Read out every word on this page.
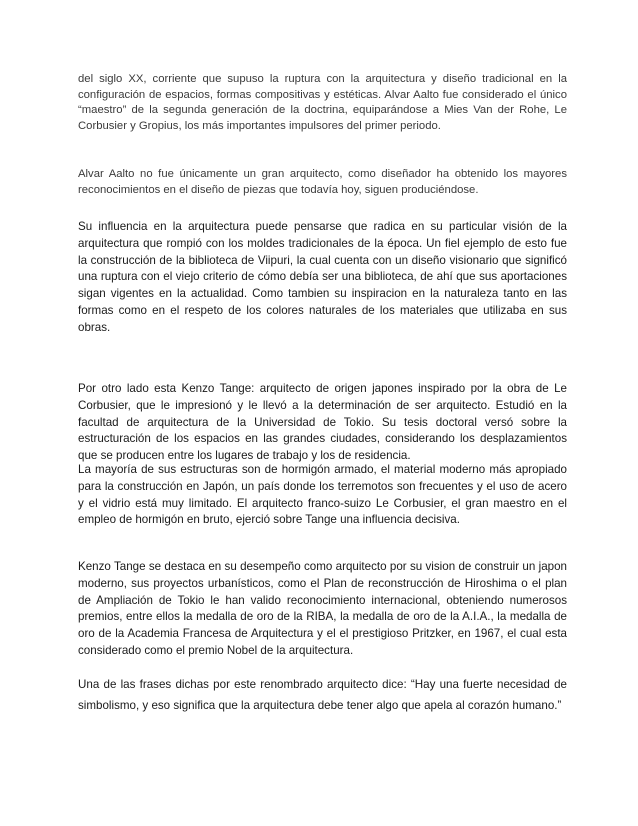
del siglo XX, corriente que supuso la ruptura con la arquitectura y diseño tradicional en la configuración de espacios, formas compositivas y estéticas. Alvar Aalto fue considerado el único “maestro” de la segunda generación de la doctrina, equiparándose a Mies Van der Rohe, Le Corbusier y Gropius, los más importantes impulsores del primer periodo.

Alvar Aalto no fue únicamente un gran arquitecto, como diseñador ha obtenido los mayores reconocimientos en el diseño de piezas que todavía hoy, siguen produciéndose.

Su influencia en la arquitectura puede pensarse que radica en su particular visión de la arquitectura que rompió con los moldes tradicionales de la época. Un fiel ejemplo de esto fue la construcción de la biblioteca de Viipuri, la cual cuenta con un diseño visionario que significó una ruptura con el viejo criterio de cómo debía ser una biblioteca, de ahí que sus aportaciones sigan vigentes en la actualidad. Como tambien su inspiracion en la naturaleza tanto en las formas como en el respeto de los colores naturales de los materiales que utilizaba en sus obras.

Por otro lado esta Kenzo Tange: arquitecto de origen japones inspirado por la obra de Le Corbusier, que le impresionó y le llevó a la determinación de ser arquitecto. Estudió en la facultad de arquitectura de la Universidad de Tokio. Su tesis doctoral versó sobre la estructuración de los espacios en las grandes ciudades, considerando los desplazamientos que se producen entre los lugares de trabajo y los de residencia.

La mayoría de sus estructuras son de hormigón armado, el material moderno más apropiado para la construcción en Japón, un país donde los terremotos son frecuentes y el uso de acero y el vidrio está muy limitado. El arquitecto franco-suizo Le Corbusier, el gran maestro en el empleo de hormigón en bruto, ejerció sobre Tange una influencia decisiva.

Kenzo Tange se destaca en su desempeño como arquitecto por su vision de construir un japon moderno, sus proyectos urbanísticos, como el Plan de reconstrucción de Hiroshima o el plan de Ampliación de Tokio le han valido reconocimiento internacional, obteniendo numerosos premios, entre ellos la medalla de oro de la RIBA, la medalla de oro de la A.I.A., la medalla de oro de la Academia Francesa de Arquitectura y el el prestigioso Pritzker, en 1967, el cual esta considerado como el premio Nobel de la arquitectura.

Una de las frases dichas por este renombrado arquitecto dice: “Hay una fuerte necesidad de simbolismo, y eso significa que la arquitectura debe tener algo que apela al corazón humano.”
